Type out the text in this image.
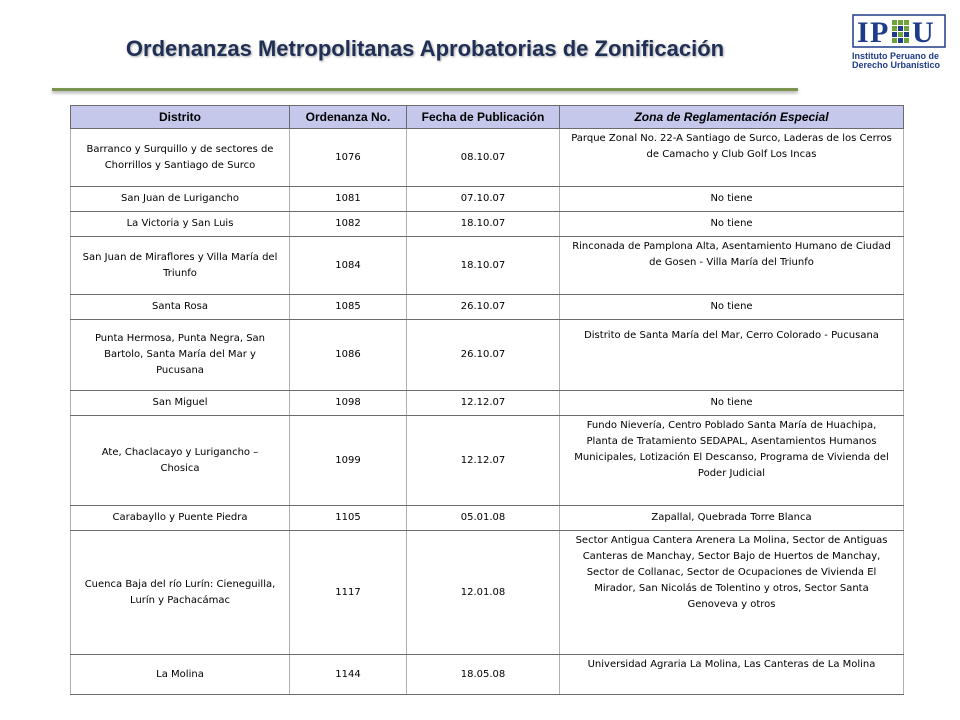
Ordenanzas Metropolitanas Aprobatorias de Zonificación	I P U
Instituto Peruano de
Derecho Urbanístico
Distrito	Ordenanza No.	Fecha de Publicación	Zona de Reglamentación Especial
Barranco y Surquillo y de sectores de Chorrillos y Santiago de Surco	1076	08.10.07	Parque Zonal No. 22-A Santiago de Surco, Laderas de los Cerros de Camacho y Club Golf Los Incas
San Juan de Lurigancho	1081	07.10.07	No tiene
La Victoria y San Luis	1082	18.10.07	No tiene
San Juan de Miraflores y Villa María del Triunfo	1084	18.10.07	Rinconada de Pamplona Alta, Asentamiento Humano de Ciudad de Gosen - Villa María del Triunfo
Santa Rosa	1085	26.10.07	No tiene
Punta Hermosa, Punta Negra, San Bartolo, Santa María del Mar y Pucusana	1086	26.10.07	Distrito de Santa María del Mar, Cerro Colorado - Pucusana
San Miguel	1098	12.12.07	No tiene
Ate, Chaclacayo y Lurigancho – Chosica	1099	12.12.07	Fundo Nievería, Centro Poblado Santa María de Huachipa, Planta de Tratamiento SEDAPAL, Asentamientos Humanos Municipales, Lotización El Descanso, Programa de Vivienda del Poder Judicial
Carabayllo y Puente Piedra	1105	05.01.08	Zapallal, Quebrada Torre Blanca
Cuenca Baja del río Lurín: Cieneguilla, Lurín y Pachacámac	1117	12.01.08	Sector Antigua Cantera Arenera La Molina, Sector de Antiguas Canteras de Manchay, Sector Bajo de Huertos de Manchay, Sector de Collanac, Sector de Ocupaciones de Vivienda El Mirador, San Nicolás de Tolentino y otros, Sector Santa Genoveva y otros
La Molina	1144	18.05.08	Universidad Agraria La Molina, Las Canteras de La Molina
